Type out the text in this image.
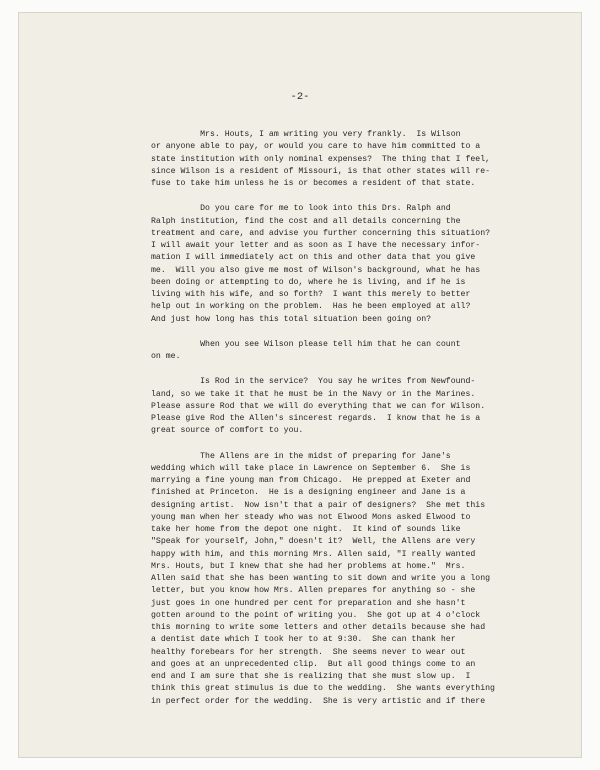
-2-
Mrs. Houts, I am writing you very frankly.  Is Wilson
or anyone able to pay, or would you care to have him committed to a
state institution with only nominal expenses?  The thing that I feel,
since Wilson is a resident of Missouri, is that other states will re-
fuse to take him unless he is or becomes a resident of that state.
Do you care for me to look into this Drs. Ralph and
Ralph institution, find the cost and all details concerning the
treatment and care, and advise you further concerning this situation?
I will await your letter and as soon as I have the necessary infor-
mation I will immediately act on this and other data that you give
me.  Will you also give me most of Wilson's background, what he has
been doing or attempting to do, where he is living, and if he is
living with his wife, and so forth?  I want this merely to better
help out in working on the problem.  Has he been employed at all?
And just how long has this total situation been going on?
When you see Wilson please tell him that he can count
on me.
Is Rod in the service?  You say he writes from Newfound-
land, so we take it that he must be in the Navy or in the Marines.
Please assure Rod that we will do everything that we can for Wilson.
Please give Rod the Allen's sincerest regards.  I know that he is a
great source of comfort to you.
The Allens are in the midst of preparing for Jane's
wedding which will take place in Lawrence on September 6.  She is
marrying a fine young man from Chicago.  He prepped at Exeter and
finished at Princeton.  He is a designing engineer and Jane is a
designing artist.  Now isn't that a pair of designers?  She met this
young man when her steady who was not Elwood Mons asked Elwood to
take her home from the depot one night.  It kind of sounds like
"Speak for yourself, John," doesn't it?  Well, the Allens are very
happy with him, and this morning Mrs. Allen said, "I really wanted
Mrs. Houts, but I knew that she had her problems at home."  Mrs.
Allen said that she has been wanting to sit down and write you a long
letter, but you know how Mrs. Allen prepares for anything so - she
just goes in one hundred per cent for preparation and she hasn't
gotten around to the point of writing you.  She got up at 4 o'clock
this morning to write some letters and other details because she had
a dentist date which I took her to at 9:30.  She can thank her
healthy forebears for her strength.  She seems never to wear out
and goes at an unprecedented clip.  But all good things come to an
end and I am sure that she is realizing that she must slow up.  I
think this great stimulus is due to the wedding.  She wants everything
in perfect order for the wedding.  She is very artistic and if there
